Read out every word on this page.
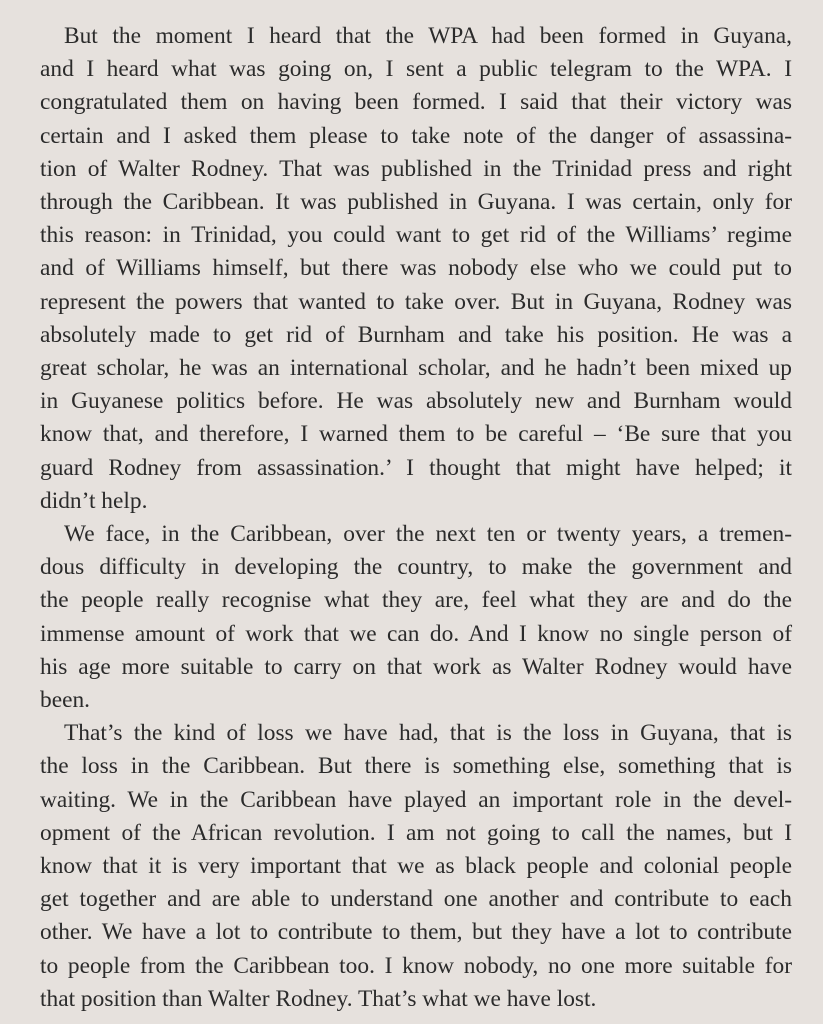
But the moment I heard that the WPA had been formed in Guyana,
and I heard what was going on, I sent a public telegram to the WPA. I
congratulated them on having been formed. I said that their victory was
certain and I asked them please to take note of the danger of assassina-
tion of Walter Rodney. That was published in the Trinidad press and right
through the Caribbean. It was published in Guyana. I was certain, only for
this reason: in Trinidad, you could want to get rid of the Williams’ regime
and of Williams himself, but there was nobody else who we could put to
represent the powers that wanted to take over. But in Guyana, Rodney was
absolutely made to get rid of Burnham and take his position. He was a
great scholar, he was an international scholar, and he hadn’t been mixed up
in Guyanese politics before. He was absolutely new and Burnham would
know that, and therefore, I warned them to be careful – ‘Be sure that you
guard Rodney from assassination.’ I thought that might have helped; it
didn’t help.
We face, in the Caribbean, over the next ten or twenty years, a tremen-
dous difficulty in developing the country, to make the government and
the people really recognise what they are, feel what they are and do the
immense amount of work that we can do. And I know no single person of
his age more suitable to carry on that work as Walter Rodney would have
been.
That’s the kind of loss we have had, that is the loss in Guyana, that is
the loss in the Caribbean. But there is something else, something that is
waiting. We in the Caribbean have played an important role in the devel-
opment of the African revolution. I am not going to call the names, but I
know that it is very important that we as black people and colonial people
get together and are able to understand one another and contribute to each
other. We have a lot to contribute to them, but they have a lot to contribute
to people from the Caribbean too. I know nobody, no one more suitable for
that position than Walter Rodney. That’s what we have lost.
